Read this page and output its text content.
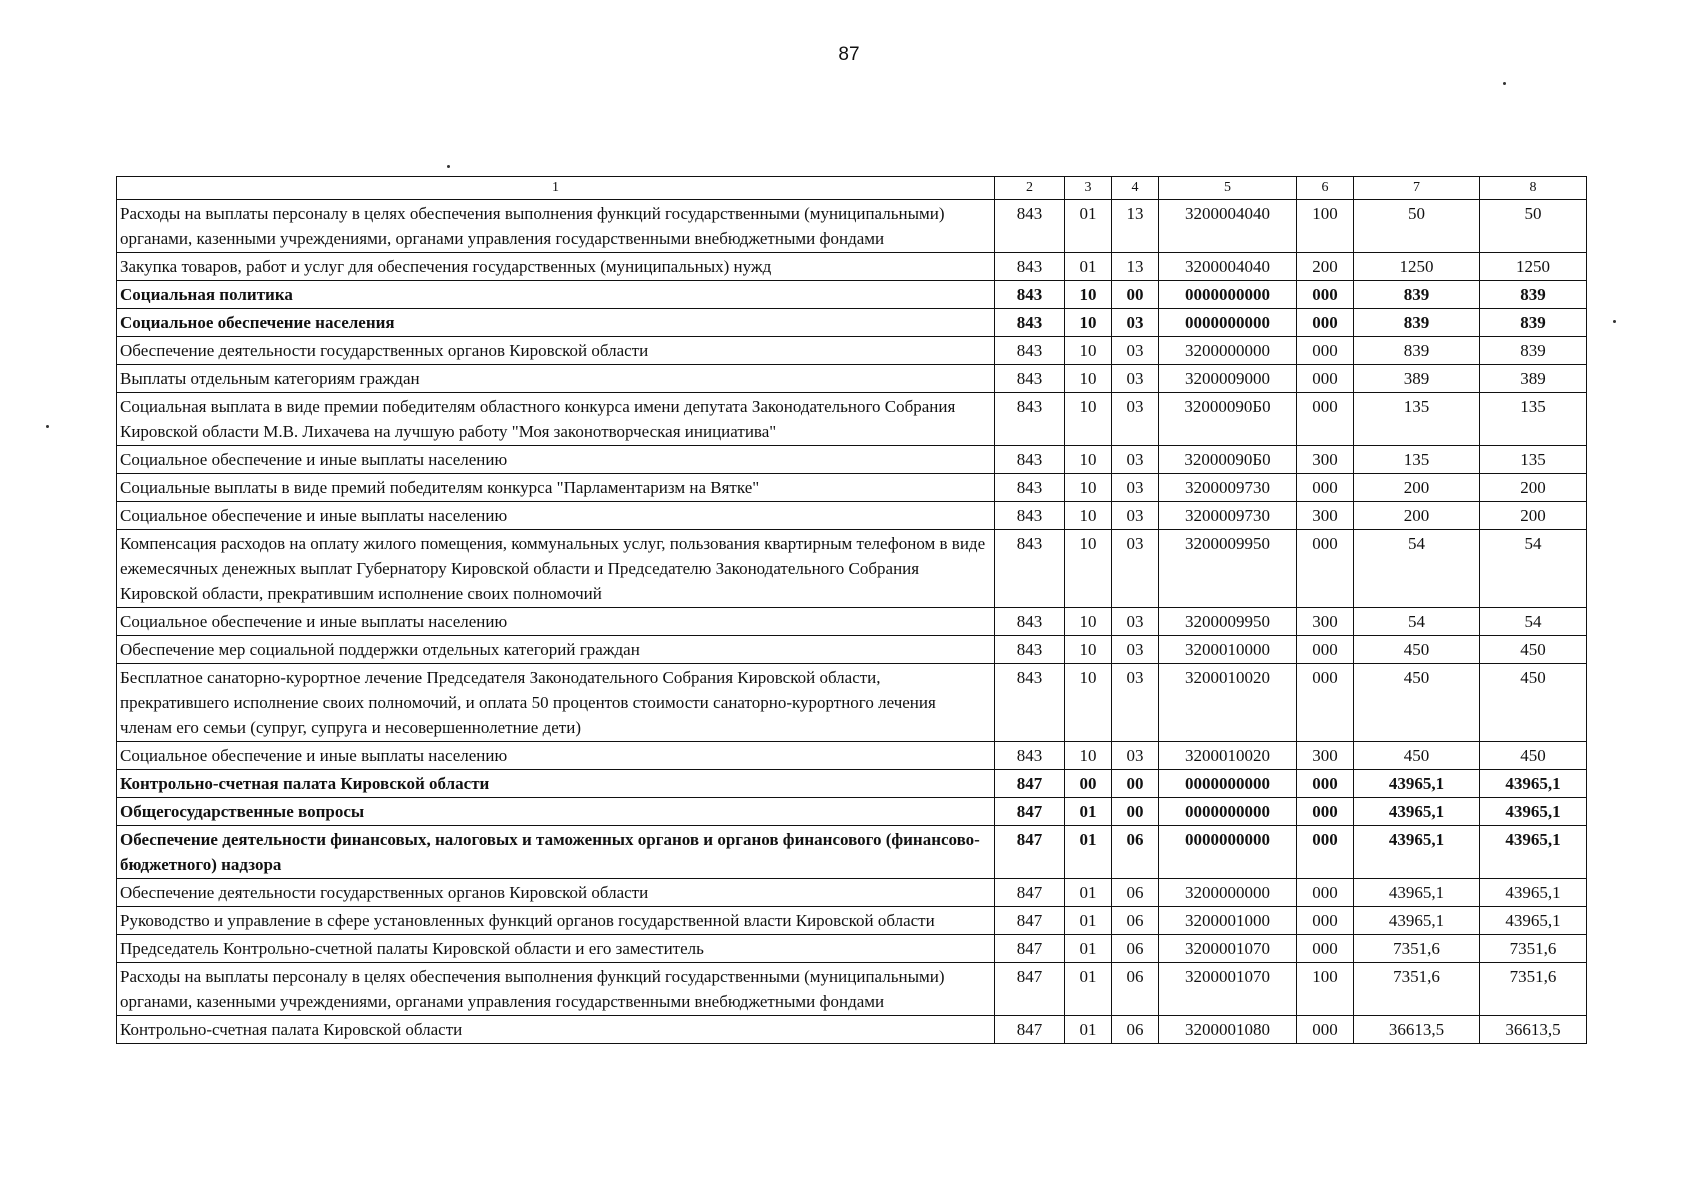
87
1	2	3	4	5	6	7	8
Расходы на выплаты персоналу в целях обеспечения выполнения функций государственными (муниципальными) органами, казенными учреждениями, органами управления государственными внебюджетными фондами	843	01	13	3200004040	100	50	50
Закупка товаров, работ и услуг для обеспечения государственных (муниципальных) нужд	843	01	13	3200004040	200	1250	1250
Социальная политика	843	10	00	0000000000	000	839	839
Социальное обеспечение населения	843	10	03	0000000000	000	839	839
Обеспечение деятельности государственных органов Кировской области	843	10	03	3200000000	000	839	839
Выплаты отдельным категориям граждан	843	10	03	3200009000	000	389	389
Социальная выплата в виде премии победителям областного конкурса имени депутата Законодательного Собрания Кировской области М.В. Лихачева на лучшую работу "Моя законотворческая инициатива"	843	10	03	32000090Б0	000	135	135
Социальное обеспечение и иные выплаты населению	843	10	03	32000090Б0	300	135	135
Социальные выплаты в виде премий победителям конкурса "Парламентаризм на Вятке"	843	10	03	3200009730	000	200	200
Социальное обеспечение и иные выплаты населению	843	10	03	3200009730	300	200	200
Компенсация расходов на оплату жилого помещения, коммунальных услуг, пользования квартирным телефоном в виде ежемесячных денежных выплат Губернатору Кировской области и Председателю Законодательного Собрания Кировской области, прекратившим исполнение своих полномочий	843	10	03	3200009950	000	54	54
Социальное обеспечение и иные выплаты населению	843	10	03	3200009950	300	54	54
Обеспечение мер социальной поддержки отдельных категорий граждан	843	10	03	3200010000	000	450	450
Бесплатное санаторно-курортное лечение Председателя Законодательного Собрания Кировской области, прекратившего исполнение своих полномочий, и оплата 50 процентов стоимости санаторно-курортного лечения членам его семьи (супруг, супруга и несовершеннолетние дети)	843	10	03	3200010020	000	450	450
Социальное обеспечение и иные выплаты населению	843	10	03	3200010020	300	450	450
Контрольно-счетная палата Кировской области	847	00	00	0000000000	000	43965,1	43965,1
Общегосударственные вопросы	847	01	00	0000000000	000	43965,1	43965,1
Обеспечение деятельности финансовых, налоговых и таможенных органов и органов финансового (финансово-бюджетного) надзора	847	01	06	0000000000	000	43965,1	43965,1
Обеспечение деятельности государственных органов Кировской области	847	01	06	3200000000	000	43965,1	43965,1
Руководство и управление в сфере установленных функций органов государственной власти Кировской области	847	01	06	3200001000	000	43965,1	43965,1
Председатель Контрольно-счетной палаты Кировской области и его заместитель	847	01	06	3200001070	000	7351,6	7351,6
Расходы на выплаты персоналу в целях обеспечения выполнения функций государственными (муниципальными) органами, казенными учреждениями, органами управления государственными внебюджетными фондами	847	01	06	3200001070	100	7351,6	7351,6
Контрольно-счетная палата Кировской области	847	01	06	3200001080	000	36613,5	36613,5
